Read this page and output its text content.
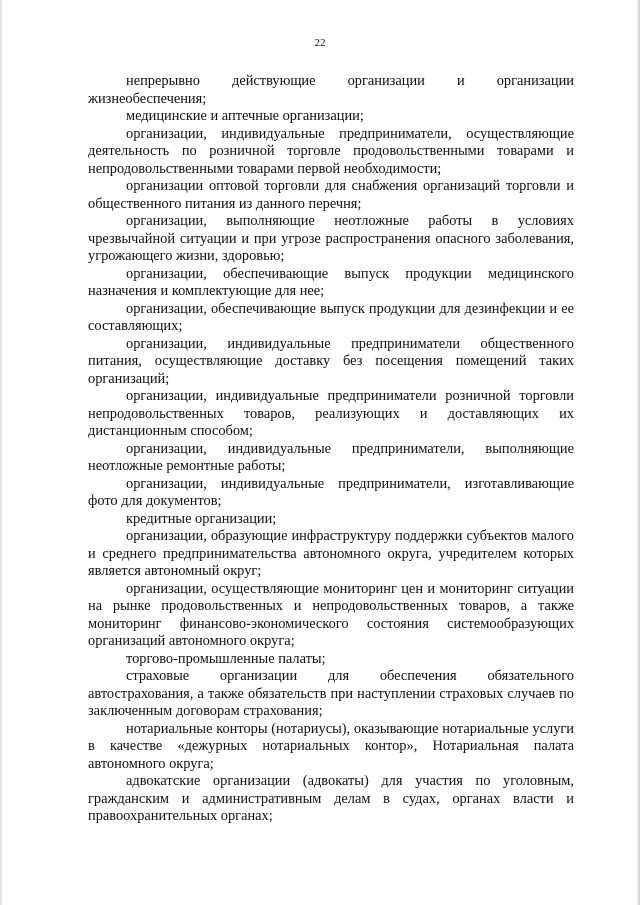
22

непрерывно действующие организации и организации жизнеобеспечения;

медицинские и аптечные организации;

организации, индивидуальные предприниматели, осуществляющие деятельность по розничной торговле продовольственными товарами и непродовольственными товарами первой необходимости;

организации оптовой торговли для снабжения организаций торговли и общественного питания из данного перечня;

организации, выполняющие неотложные работы в условиях чрезвычайной ситуации и при угрозе распространения опасного заболевания, угрожающего жизни, здоровью;

организации, обеспечивающие выпуск продукции медицинского назначения и комплектующие для нее;

организации, обеспечивающие выпуск продукции для дезинфекции и ее составляющих;

организации, индивидуальные предприниматели общественного питания, осуществляющие доставку без посещения помещений таких организаций;

организации, индивидуальные предприниматели розничной торговли непродовольственных товаров, реализующих и доставляющих их дистанционным способом;

организации, индивидуальные предприниматели, выполняющие неотложные ремонтные работы;

организации, индивидуальные предприниматели, изготавливающие фото для документов;

кредитные организации;

организации, образующие инфраструктуру поддержки субъектов малого и среднего предпринимательства автономного округа, учредителем которых является автономный округ;

организации, осуществляющие мониторинг цен и мониторинг ситуации на рынке продовольственных и непродовольственных товаров, а также мониторинг финансово-экономического состояния системообразующих организаций автономного округа;

торгово-промышленные палаты;

страховые организации для обеспечения обязательного автострахования, а также обязательств при наступлении страховых случаев по заключенным договорам страхования;

нотариальные конторы (нотариусы), оказывающие нотариальные услуги в качестве «дежурных нотариальных контор», Нотариальная палата автономного округа;

адвокатские организации (адвокаты) для участия по уголовным, гражданским и административным делам в судах, органах власти и правоохранительных органах;
